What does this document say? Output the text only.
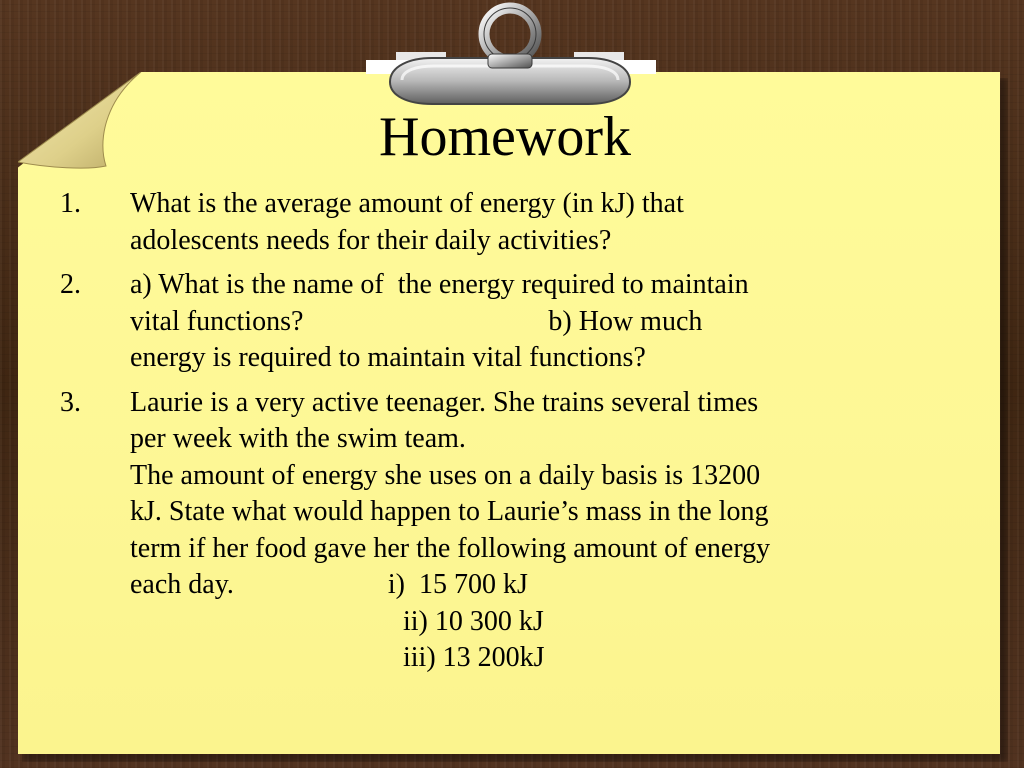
Homework
1.	What is the average amount of energy (in kJ) that
adolescents needs for their daily activities?
2.	a) What is the name of  the energy required to maintain
vital functions?                                   b) How much
energy is required to maintain vital functions?
3.	Laurie is a very active teenager. She trains several times
per week with the swim team.
The amount of energy she uses on a daily basis is 13200
kJ. State what would happen to Laurie’s mass in the long
term if her food gave her the following amount of energy
each day.                      i)  15 700 kJ
ii) 10 300 kJ
iii) 13 200kJ
